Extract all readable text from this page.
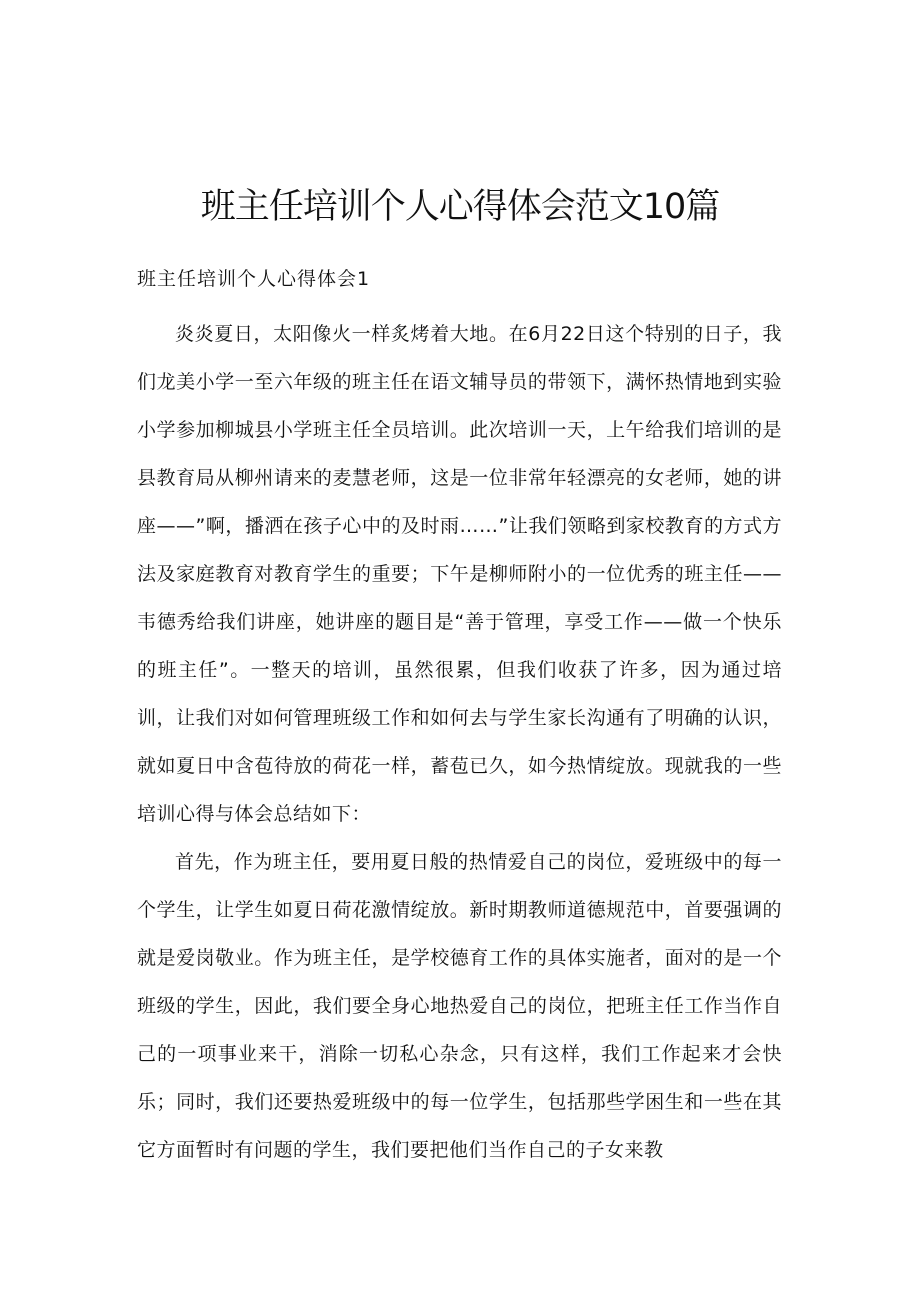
班主任培训个人心得体会范文10篇
班主任培训个人心得体会1

炎炎夏日，太阳像火一样炙烤着大地。在6月22日这个特别的日子，我们龙美小学一至六年级的班主任在语文辅导员的带领下，满怀热情地到实验小学参加柳城县小学班主任全员培训。此次培训一天，上午给我们培训的是县教育局从柳州请来的麦慧老师，这是一位非常年轻漂亮的女老师，她的讲座——”啊，播洒在孩子心中的及时雨……”让我们领略到家校教育的方式方法及家庭教育对教育学生的重要；下午是柳师附小的一位优秀的班主任——韦德秀给我们讲座，她讲座的题目是“善于管理，享受工作——做一个快乐的班主任”。一整天的培训，虽然很累，但我们收获了许多，因为通过培训，让我们对如何管理班级工作和如何去与学生家长沟通有了明确的认识，就如夏日中含苞待放的荷花一样，蓄苞已久，如今热情绽放。现就我的一些培训心得与体会总结如下：

首先，作为班主任，要用夏日般的热情爱自己的岗位，爱班级中的每一个学生，让学生如夏日荷花激情绽放。新时期教师道德规范中，首要强调的就是爱岗敬业。作为班主任，是学校德育工作的具体实施者，面对的是一个班级的学生，因此，我们要全身心地热爱自己的岗位，把班主任工作当作自己的一项事业来干，消除一切私心杂念，只有这样，我们工作起来才会快乐；同时，我们还要热爱班级中的每一位学生，包括那些学困生和一些在其它方面暂时有问题的学生，我们要把他们当作自己的子女来教
